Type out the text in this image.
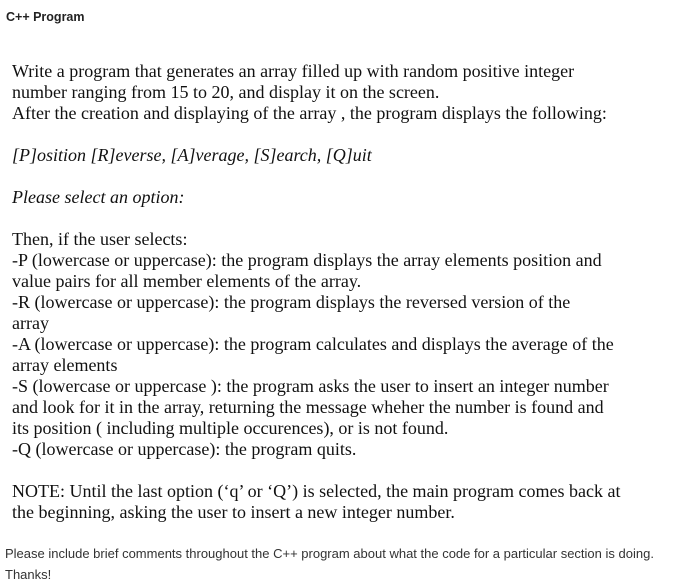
C++ Program
Write a program that generates an array filled up with random positive integer
number ranging from 15 to 20, and display it on the screen.
After the creation and displaying of the array , the program displays the following:
[P]osition [R]everse, [A]verage, [S]earch, [Q]uit
Please select an option:
Then, if the user selects:
-P (lowercase or uppercase): the program displays the array elements position and
value pairs for all member elements of the array.
-R (lowercase or uppercase): the program displays the reversed version of the
array
-A (lowercase or uppercase): the program calculates and displays the average of the
array elements
-S (lowercase or uppercase ): the program asks the user to insert an integer number
and look for it in the array, returning the message wheher the number is found and
its position ( including multiple occurences), or is not found.
-Q (lowercase or uppercase): the program quits.
NOTE: Until the last option (‘q’ or ‘Q’) is selected, the main program comes back at
the beginning, asking the user to insert a new integer number.
Please include brief comments throughout the C++ program about what the code for a particular section is doing. Thanks!
